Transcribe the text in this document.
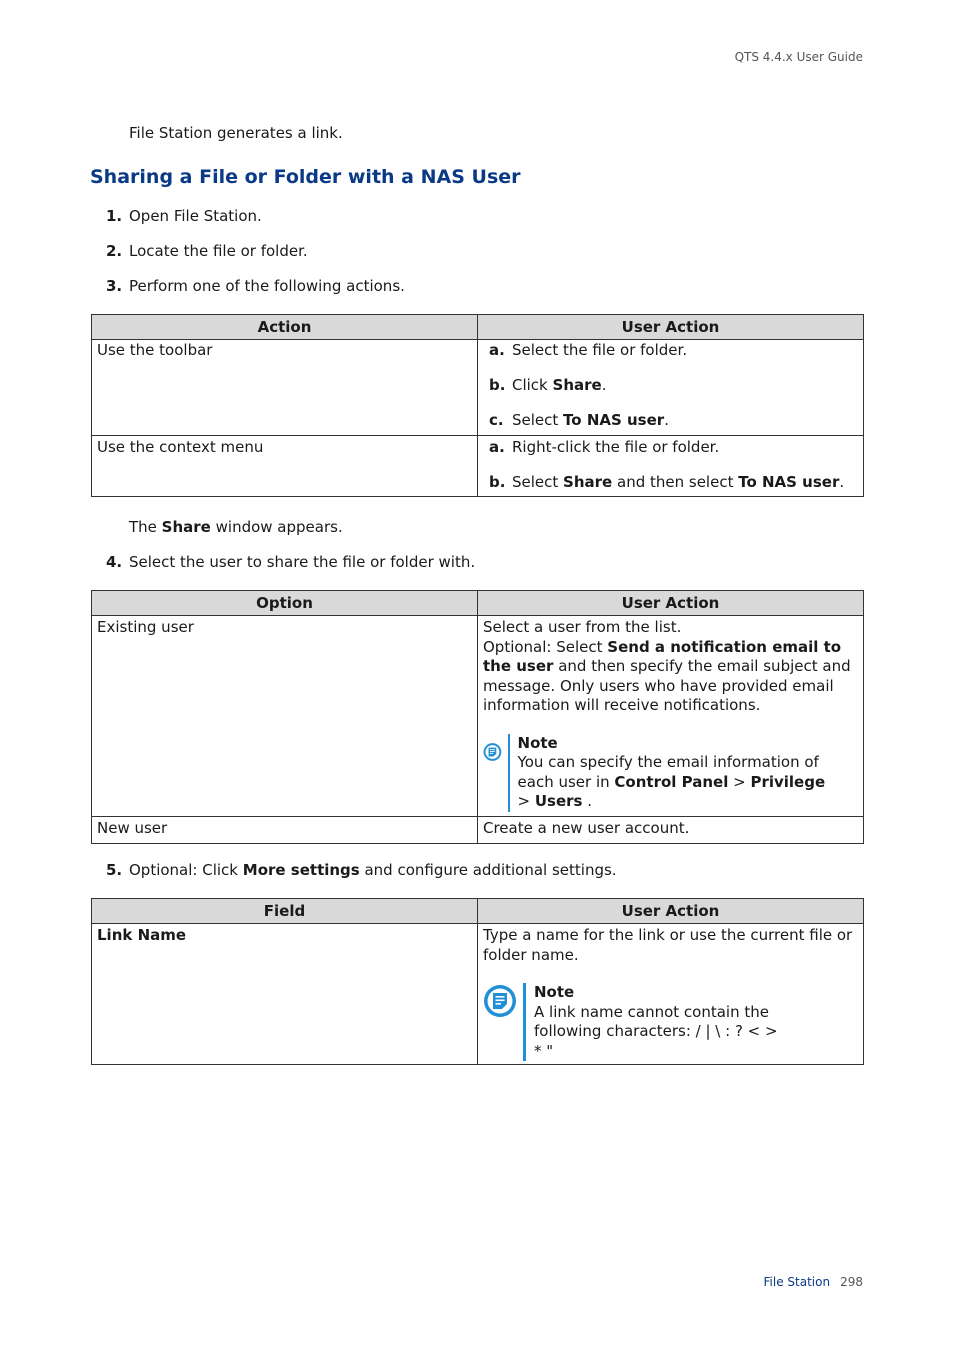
QTS 4.4.x User Guide
File Station generates a link.
Sharing a File or Folder with a NAS User
1. Open File Station.
2. Locate the file or folder.
3. Perform one of the following actions.
Action	User Action
Use the toolbar	a. Select the file or folder.
b. Click Share.
c. Select To NAS user.

Use the context menu	a. Right-click the file or folder.
b. Select Share and then select To NAS user.
The Share window appears.
4. Select the user to share the file or folder with.
Option	User Action
Existing user	Select a user from the list.
Optional: Select Send a notification email to the user and then specify the email subject and message. Only users who have provided email information will receive notifications.
Note
You can specify the email information of each user in Control Panel > Privilege
> Users .

New user	Create a new user account.
5. Optional: Click More settings and configure additional settings.
Field	User Action
Link Name	Type a name for the link or use the current file or folder name.
Note
A link name cannot contain the following characters: / | \ : ? < > * "
File Station 298
